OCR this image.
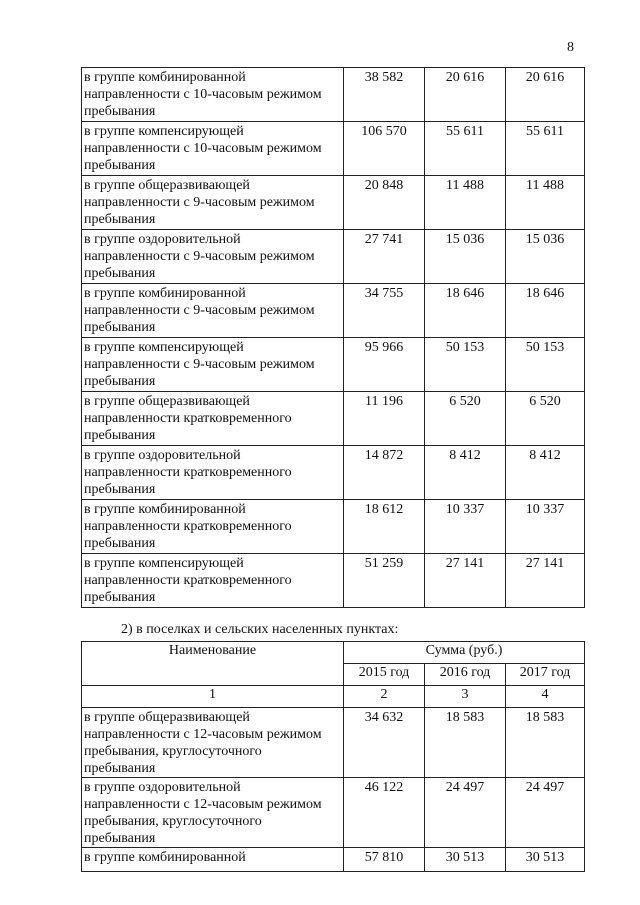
8
в группе комбинированной
направленности с 10-часовым режимом
пребывания	38 582	20 616	20 616

в группе компенсирующей
направленности с 10-часовым режимом
пребывания	106 570	55 611	55 611

в группе общеразвивающей
направленности с 9-часовым режимом
пребывания	20 848	11 488	11 488

в группе оздоровительной
направленности с 9-часовым режимом
пребывания	27 741	15 036	15 036

в группе комбинированной
направленности с 9-часовым режимом
пребывания	34 755	18 646	18 646

в группе компенсирующей
направленности с 9-часовым режимом
пребывания	95 966	50 153	50 153

в группе общеразвивающей
направленности кратковременного
пребывания	11 196	6 520	6 520

в группе оздоровительной
направленности кратковременного
пребывания	14 872	8 412	8 412

в группе комбинированной
направленности кратковременного
пребывания	18 612	10 337	10 337

в группе компенсирующей
направленности кратковременного
пребывания	51 259	27 141	27 141
2) в поселках и сельских населенных пунктах:
Наименование	Сумма (руб.)		
	2015 год	2016 год	2017 год
1	2	3	4

в группе общеразвивающей
направленности с 12-часовым режимом
пребывания, круглосуточного
пребывания	34 632	18 583	18 583

в группе оздоровительной
направленности с 12-часовым режимом
пребывания, круглосуточного
пребывания	46 122	24 497	24 497

в группе комбинированной	57 810	30 513	30 513
